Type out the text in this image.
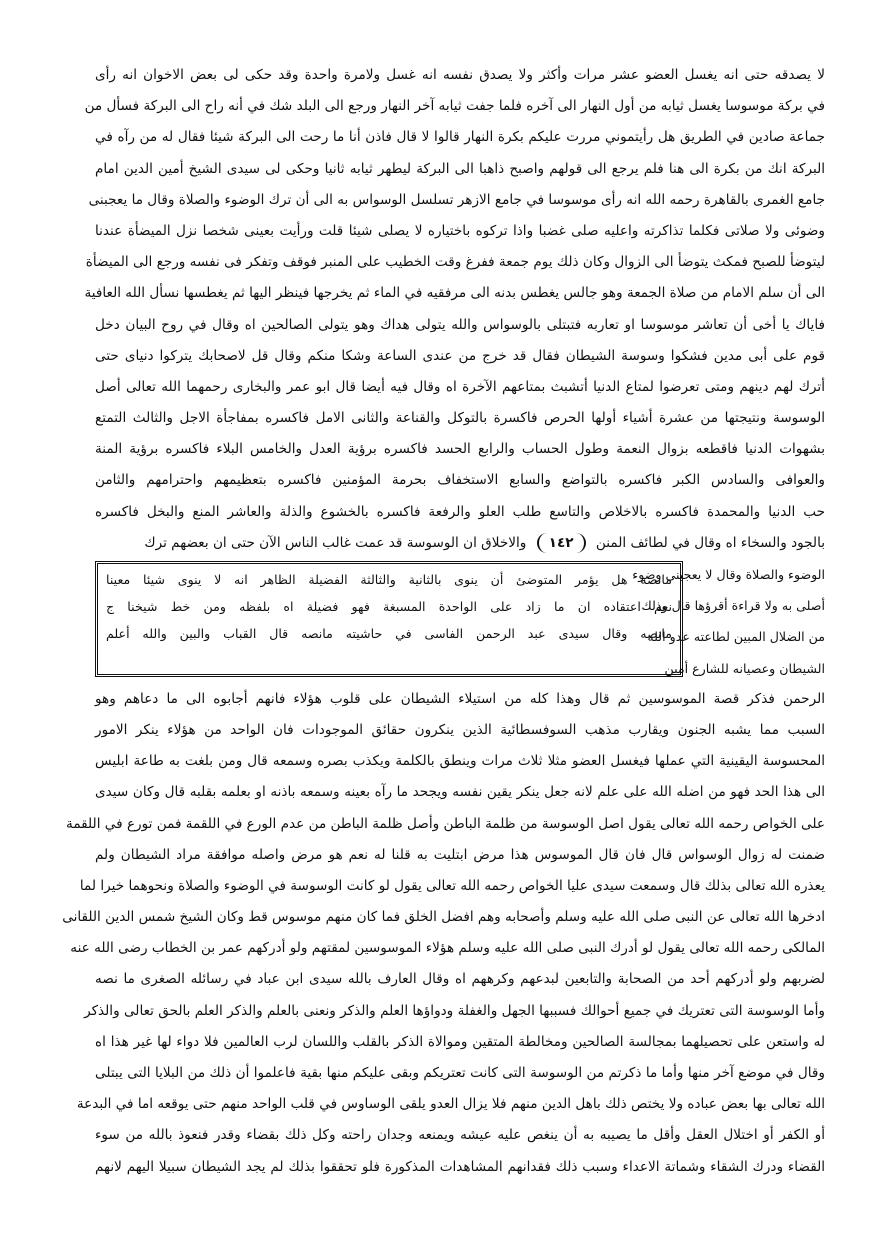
لا يصدقه حتى انه يغسل العضو عشر مرات وأكثر ولا يصدق نفسه انه غسل ولامرة واحدة وقد حكى لى بعض الاخوان انه رأى
في بركة موسوسا يغسل ثيابه من أول النهار الى آخره فلما جفت ثيابه آخر النهار ورجع الى البلد شك في أنه راح الى البركة فسأل من
جماعة صادين في الطريق هل رأيتموني مررت عليكم بكرة النهار قالوا لا قال فاذن أنا ما رحت الى البركة شيئا فقال له من رآه في
البركة انك من بكرة الى هنا فلم يرجع الى قولهم واصبح ذاهبا الى البركة ليطهر ثيابه ثانيا وحكى لى سيدى الشيخ أمين الدين امام
جامع الغمرى بالقاهرة رحمه الله انه رأى موسوسا في جامع الازهر تسلسل الوسواس به الى أن ترك الوضوء والصلاة وقال ما يعجبنى
وضوئى ولا صلاتى فكلما تذاكرته واعليه صلى غضبا واذا تركوه باختياره لا يصلى شيئا قلت ورأيت بعينى شخصا نزل الميضأة عندنا
ليتوضأ للصبح فمكث يتوضأ الى الزوال وكان ذلك يوم جمعة ففرغ وقت الخطيب على المنبر فوقف وتفكر فى نفسه ورجع الى الميضأة
الى أن سلم الامام من صلاة الجمعة وهو جالس يغطس بدنه الى مرفقيه في الماء ثم يخرجها فينظر اليها ثم يغطسها نسأل الله العافية
فاياك يا أخى أن تعاشر موسوسا او تعاربه فتبتلى بالوسواس والله يتولى هداك وهو يتولى الصالحين اه وقال في روح البيان دخل
قوم على أبى مدين فشكوا وسوسة الشيطان فقال قد خرج من عندى الساعة وشكا منكم وقال قل لاصحابك يتركوا دنياى حتى
أترك لهم دينهم ومتى تعرضوا لمتاع الدنيا أتشبث بمتاعهم الآخرة اه وقال فيه أيضا قال ابو عمر والبخارى رحمهما الله تعالى أصل
الوسوسة ونتيجتها من عشرة أشياء أولها الحرص فاكسرة بالتوكل والقناعة والثانى الامل فاكسره بمفاجأة الاجل والثالث التمتع
بشهوات الدنيا فاقطعه بزوال النعمة وطول الحساب والرابع الحسد فاكسره برؤية العدل والخامس البلاء فاكسره برؤية المنة
والعوافى والسادس الكبر فاكسره بالتواضع والسابع الاستخفاف بحرمة المؤمنين فاكسره بتعظيمهم واحترامهم والثامن
حب الدنيا والمحمدة فاكسره بالاخلاص والتاسع طلب العلو والرفعة فاكسره بالخشوع والذلة والعاشر المنع والبخل فاكسره
بالجود والسخاء اه وقال في لطائف المنن ١٤٢ والاخلاق ان الوسوسة قد عمت غالب الناس الآن حتى ان بعضهم ترك
الوضوء والصلاة وقال لا يعجبنى وضوء
أصلى به ولا قراءة أقرؤها قال وذلك
من الضلال المبين لطاعته عدو الله
الشيطان وعصيانه للشارع أمين
مانصه هل يؤمر المتوضئ أن ينوى بالثانية والثالثة الفضيلة الظاهر انه لا ينوى شيئا معينا
نعم اعتقاده ان ما زاد على الواحدة المسبغة فهو فضيلة اه بلفظه ومن خط شيخنا ج
مانصه وقال سيدى عبد الرحمن الفاسى في حاشيته مانصه قال القباب والبين والله أعلم
الرحمن فذكر قصة الموسوسين ثم قال وهذا كله من استيلاء الشيطان على قلوب هؤلاء فانهم أجابوه الى ما دعاهم وهو
السبب مما يشبه الجنون ويقارب مذهب السوفسطائية الذين ينكرون حقائق الموجودات فان الواحد من هؤلاء ينكر الامور
المحسوسة اليقينية التي عملها فيغسل العضو مثلا ثلاث مرات وينطق بالكلمة ويكذب بصره وسمعه قال ومن بلغت به طاعة ابليس
الى هذا الحد فهو من اضله الله على علم لانه جعل ينكر يقين نفسه ويجحد ما رآه بعينه وسمعه باذنه او بعلمه بقلبه قال وكان سيدى
على الخواص رحمه الله تعالى يقول اصل الوسوسة من ظلمة الباطن وأصل ظلمة الباطن من عدم الورع في اللقمة فمن تورع في اللقمة
ضمنت له زوال الوسواس قال فان قال الموسوس هذا مرض ابتليت به قلنا له نعم هو مرض واصله موافقة مراد الشيطان ولم
يعذره الله تعالى بذلك قال وسمعت سيدى عليا الخواص رحمه الله تعالى يقول لو كانت الوسوسة في الوضوء والصلاة ونحوهما خيرا لما
ادخرها الله تعالى عن النبى صلى الله عليه وسلم وأصحابه وهم افضل الخلق فما كان منهم موسوس قط وكان الشيخ شمس الدين اللقانى
المالكى رحمه الله تعالى يقول لو أدرك النبى صلى الله عليه وسلم هؤلاء الموسوسين لمقتهم ولو أدركهم عمر بن الخطاب رضى الله عنه
لضربهم ولو أدركهم أحد من الصحابة والتابعين لبدعهم وكرههم اه وقال العارف بالله سيدى ابن عباد في رسائله الصغرى ما نصه
وأما الوسوسة التى تعتريك في جميع أحوالك فسببها الجهل والغفلة ودواؤها العلم والذكر ونعنى بالعلم والذكر العلم بالحق تعالى والذكر
له واستعن على تحصيلهما بمجالسة الصالحين ومخالطة المتقين وموالاة الذكر بالقلب واللسان لرب العالمين فلا دواء لها غير هذا اه
وقال في موضع آخر منها وأما ما ذكرتم من الوسوسة التى كانت تعتريكم وبقى عليكم منها بقية فاعلموا أن ذلك من البلايا التى يبتلى
الله تعالى بها بعض عباده ولا يختص ذلك باهل الدين منهم فلا يزال العدو يلقى الوساوس في قلب الواحد منهم حتى يوقعه اما في البدعة
أو الكفر أو اختلال العقل وأقل ما يصيبه به أن ينغص عليه عيشه ويمنعه وجدان راحته وكل ذلك بقضاء وقدر فنعوذ بالله من سوء
القضاء ودرك الشقاء وشماتة الاعداء وسبب ذلك فقدانهم المشاهدات المذكورة فلو تحققوا بذلك لم يجد الشيطان سبيلا اليهم لانهم
